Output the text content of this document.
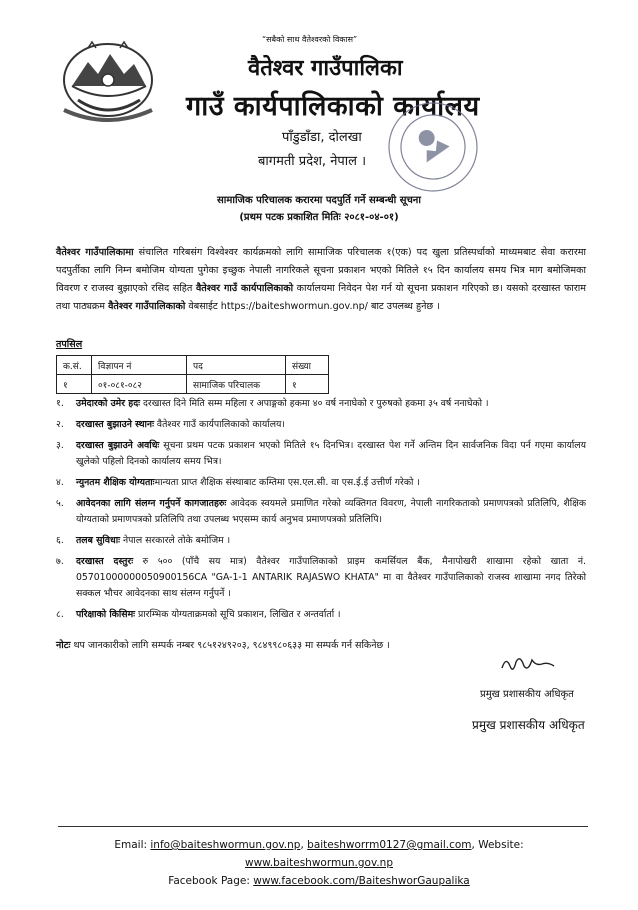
“सबैको साथ वैतेश्वरको विकास”
वैतेश्वर गाउँपालिका
गाउँ कार्यपालिकाको कार्यालय
पाँडुडाँडा, दोलखा
बागमती प्रदेश, नेपाल ।
सामाजिक परिचालक करारमा पदपुर्ति गर्ने सम्बन्धी सूचना
(प्रथम पटक प्रकाशित मितिः २०८१-०४-०१)
वैतेश्वर गाउँपालिकामा संचालित गरिबसंग विश्वेश्वर कार्यक्रमको लागि सामाजिक परिचालक १(एक) पद खुला प्रतिस्पर्धाको माध्यमबाट सेवा करारमा पदपुर्तीका लागि निम्न बमोजिम योग्यता पुगेका इच्छुक नेपाली नागरिकले सूचना प्रकाशन भएको मितिले १५ दिन कार्यालय समय भित्र माग बमोजिमका विवरण र राजस्व बुझाएको रसिद सहित वैतेश्वर गाउँ कार्यपालिकाको कार्यालयमा निवेदन पेश गर्न यो सूचना प्रकाशन गरिएको छ। यसको दरखास्त फाराम तथा पाठ्यक्रम वैतेश्वर गाउँपालिकाको वेबसाईट https://baiteshwormun.gov.np/ बाट उपलब्ध हुनेछ ।
तपसिल
क.सं.	विज्ञापन नं	पद	संख्या
१	०१-०८१-०८२	सामाजिक परिचालक	१
१.	उमेदारको उमेर हदः दरखास्त दिने मिति सम्म महिला र अपाङ्गको हकमा ४० वर्ष ननाघेको र पुरुषको हकमा ३५ वर्ष ननाघेको ।
२.	दरखास्त बुझाउने स्थानः वैतेश्वर गाउँ कार्यपालिकाको कार्यालय।
३.	दरखास्त बुझाउने अवधिः सूचना प्रथम पटक प्रकाशन भएको मितिले १५ दिनभित्र। दरखास्त पेश गर्ने अन्तिम दिन सार्वजनिक विदा पर्न गएमा कार्यालय खुलेको पहिलो दिनको कार्यालय समय भित्र।
४.	न्युनतम शैक्षिक योग्यताःमान्यता प्राप्त शैक्षिक संस्थाबाट कम्तिमा एस.एल.सी. वा एस.ई.ई उत्तीर्ण गरेको ।
५.	आवेदनका लागि संलग्न गर्नुपर्ने कागजातहरुः आवेदक स्वयमले प्रमाणित गरेको व्यक्तिगत विवरण, नेपाली नागरिकताको प्रमाणपत्रको प्रतिलिपि, शैक्षिक योग्यताको प्रमाणपत्रको प्रतिलिपि तथा उपलब्ध भएसम्म कार्य अनुभव प्रमाणपत्रको प्रतिलिपि।
६.	तलब सुविधाः नेपाल सरकारले तोके बमोजिम ।
७.	दरखास्त दस्तुरः रु ५०० (पाँचै सय मात्र) वैतेश्वर गाउँपालिकाको प्राइम कमर्सियल बैंक, मैनापोखरी शाखामा रहेको खाता नं. 05701000000050900156CA "GA-1-1 ANTARIK RAJASWO KHATA" मा वा वैतेश्वर गाउँपालिकाको राजस्व शाखामा नगद तिरेको सक्कल भौचर आवेदनका साथ संलग्न गर्नुपर्ने ।
८.	परिक्षाको किसिमः प्रारम्भिक योग्यताक्रमको सूचि प्रकाशन, लिखित र अन्तर्वार्ता ।
नोटः थप जानकारीको लागि सम्पर्क नम्बर ९८५१२४९२०३, ९८४९९८०६३३ मा सम्पर्क गर्न सकिनेछ ।
प्रमुख प्रशासकीय अधिकृत
प्रमुख प्रशासकीय अधिकृत
Email: info@baiteshwormun.gov.np, baiteshworrm0127@gmail.com, Website:
www.baiteshwormun.gov.np
Facebook Page: www.facebook.com/BaiteshworGaupalika
